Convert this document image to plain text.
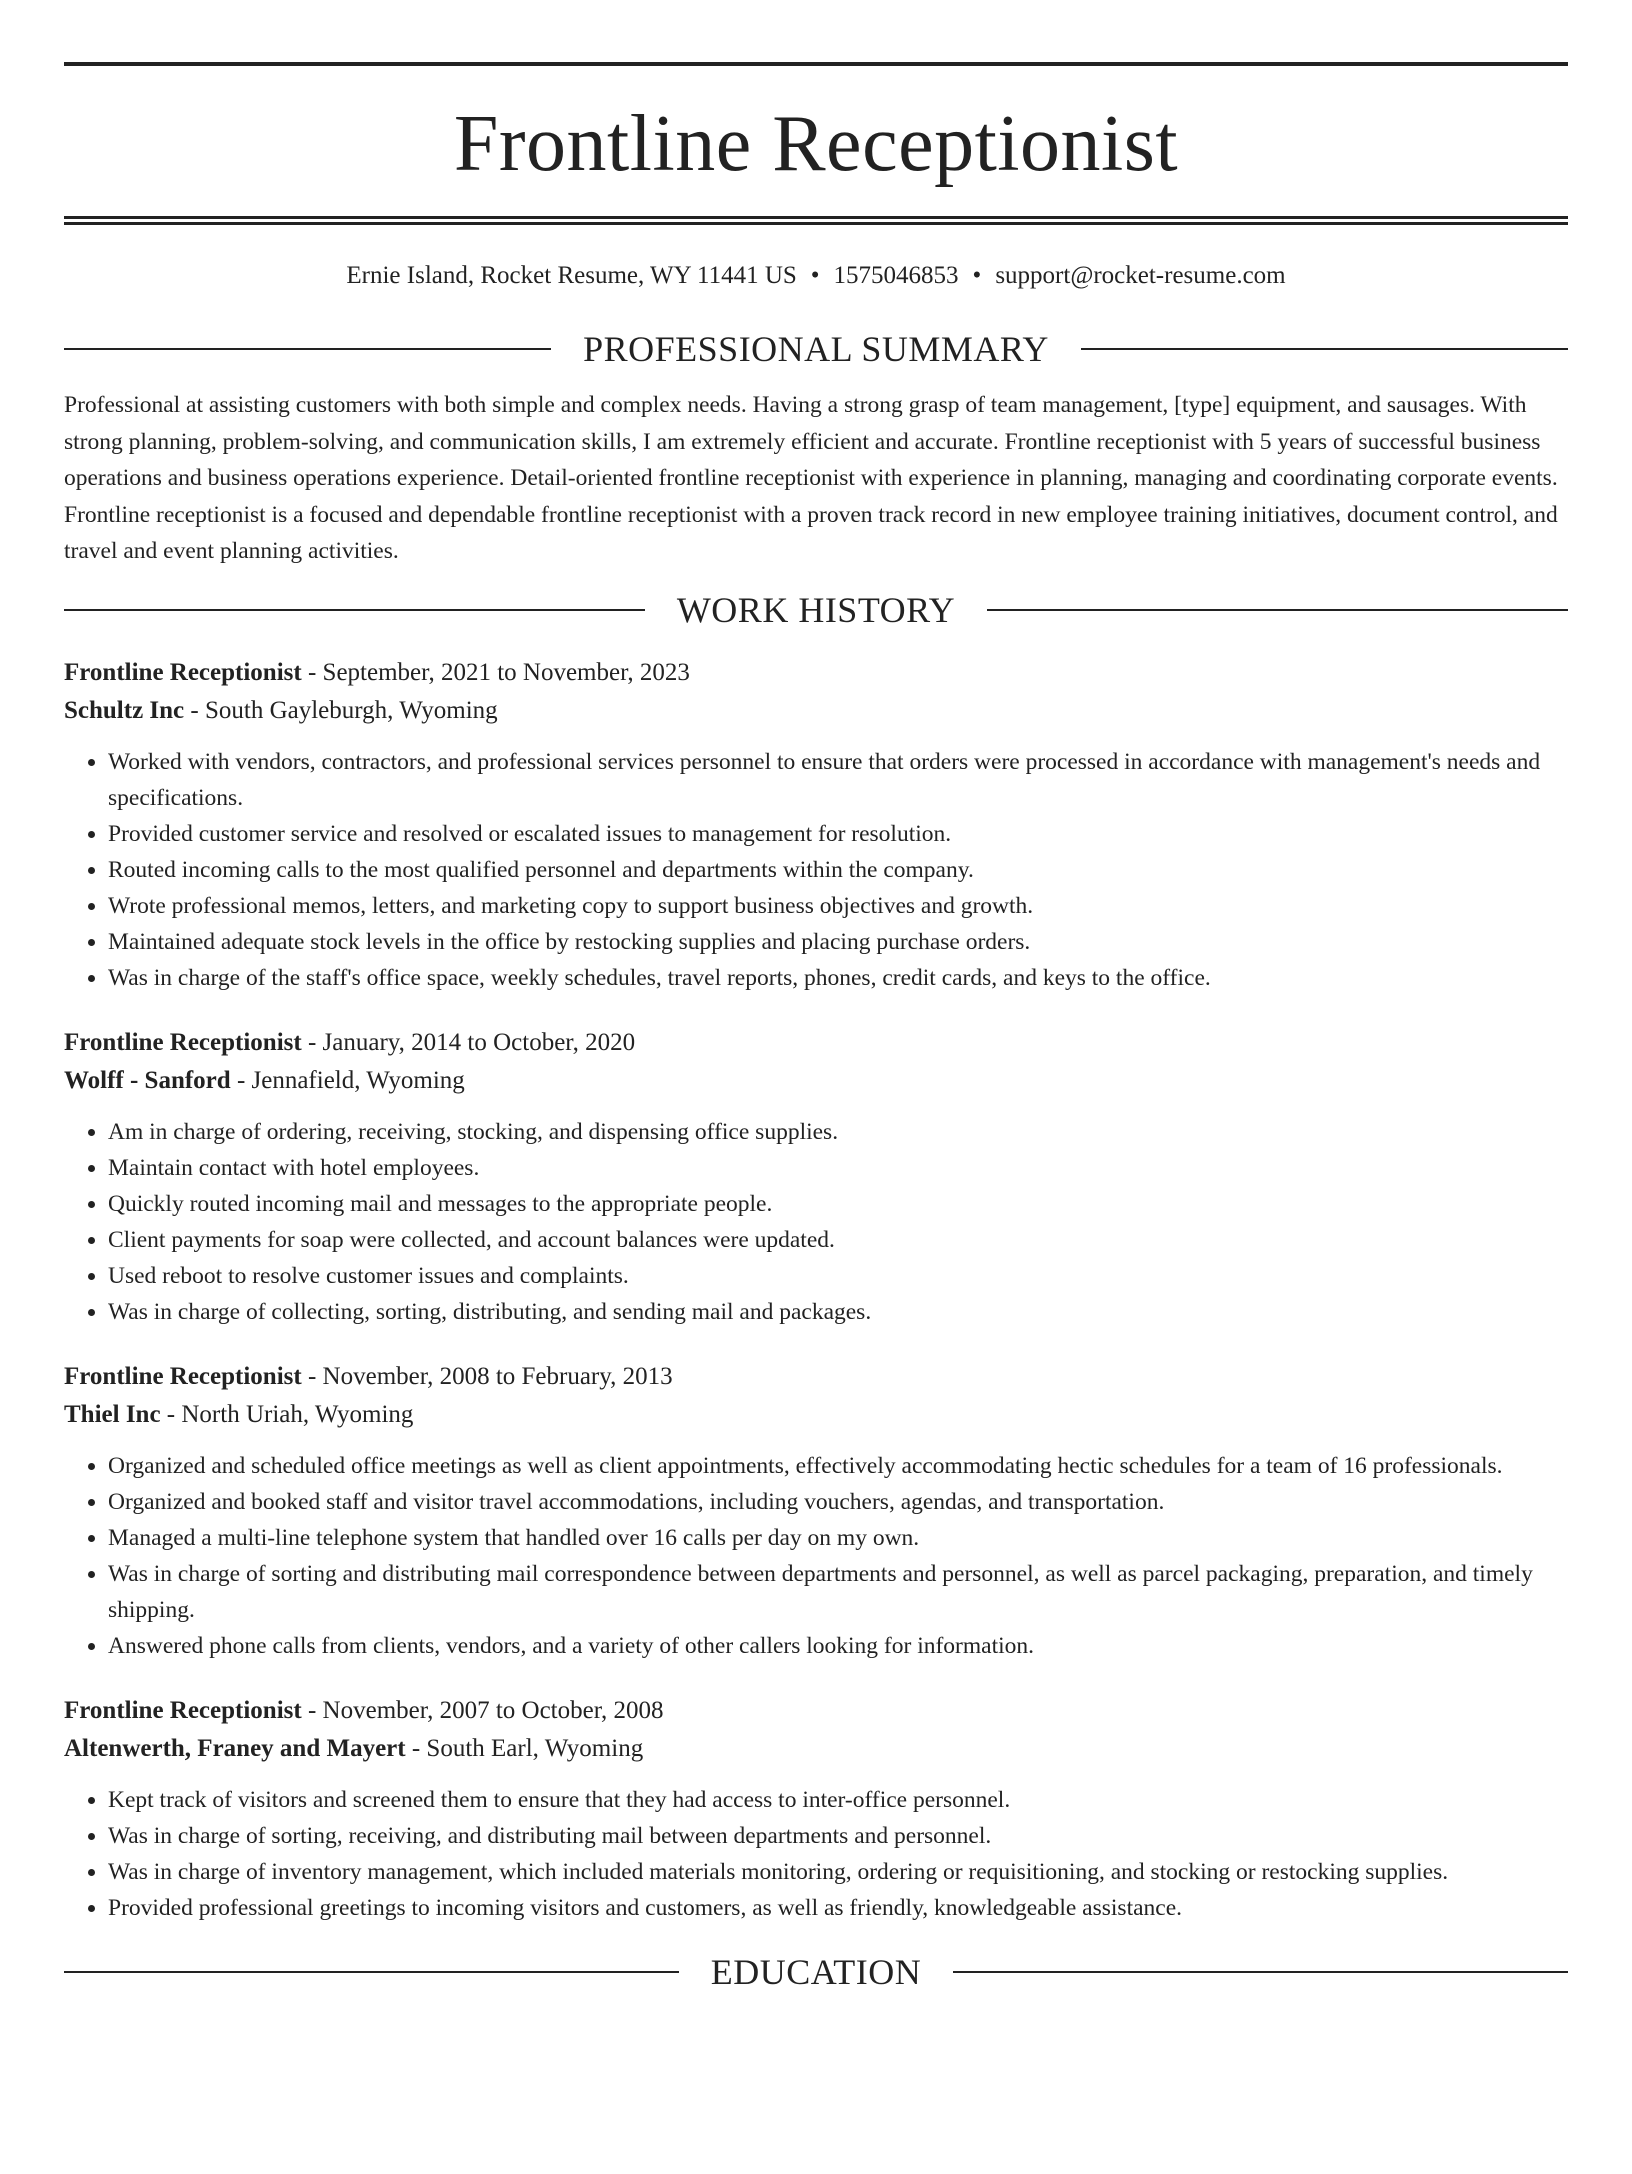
Frontline Receptionist
Ernie Island, Rocket Resume, WY 11441 US • 1575046853 • support@rocket-resume.com
PROFESSIONAL SUMMARY

Professional at assisting customers with both simple and complex needs. Having a strong grasp of team management, [type] equipment, and sausages. With strong planning, problem-solving, and communication skills, I am extremely efficient and accurate. Frontline receptionist with 5 years of successful business operations and business operations experience. Detail-oriented frontline receptionist with experience in planning, managing and coordinating corporate events. Frontline receptionist is a focused and dependable frontline receptionist with a proven track record in new employee training initiatives, document control, and travel and event planning activities.

WORK HISTORY
Frontline Receptionist - September, 2021 to November, 2023
Schultz Inc - South Gayleburgh, Wyoming
• Worked with vendors, contractors, and professional services personnel to ensure that orders were processed in accordance with management's needs and specifications.
• Provided customer service and resolved or escalated issues to management for resolution.
• Routed incoming calls to the most qualified personnel and departments within the company.
• Wrote professional memos, letters, and marketing copy to support business objectives and growth.
• Maintained adequate stock levels in the office by restocking supplies and placing purchase orders.
• Was in charge of the staff's office space, weekly schedules, travel reports, phones, credit cards, and keys to the office.
Frontline Receptionist - January, 2014 to October, 2020
Wolff - Sanford - Jennafield, Wyoming
• Am in charge of ordering, receiving, stocking, and dispensing office supplies.
• Maintain contact with hotel employees.
• Quickly routed incoming mail and messages to the appropriate people.
• Client payments for soap were collected, and account balances were updated.
• Used reboot to resolve customer issues and complaints.
• Was in charge of collecting, sorting, distributing, and sending mail and packages.
Frontline Receptionist - November, 2008 to February, 2013
Thiel Inc - North Uriah, Wyoming
• Organized and scheduled office meetings as well as client appointments, effectively accommodating hectic schedules for a team of 16 professionals.
• Organized and booked staff and visitor travel accommodations, including vouchers, agendas, and transportation.
• Managed a multi-line telephone system that handled over 16 calls per day on my own.
• Was in charge of sorting and distributing mail correspondence between departments and personnel, as well as parcel packaging, preparation, and timely shipping.
• Answered phone calls from clients, vendors, and a variety of other callers looking for information.
Frontline Receptionist - November, 2007 to October, 2008
Altenwerth, Franey and Mayert - South Earl, Wyoming
• Kept track of visitors and screened them to ensure that they had access to inter-office personnel.
• Was in charge of sorting, receiving, and distributing mail between departments and personnel.
• Was in charge of inventory management, which included materials monitoring, ordering or requisitioning, and stocking or restocking supplies.
• Provided professional greetings to incoming visitors and customers, as well as friendly, knowledgeable assistance.
EDUCATION
